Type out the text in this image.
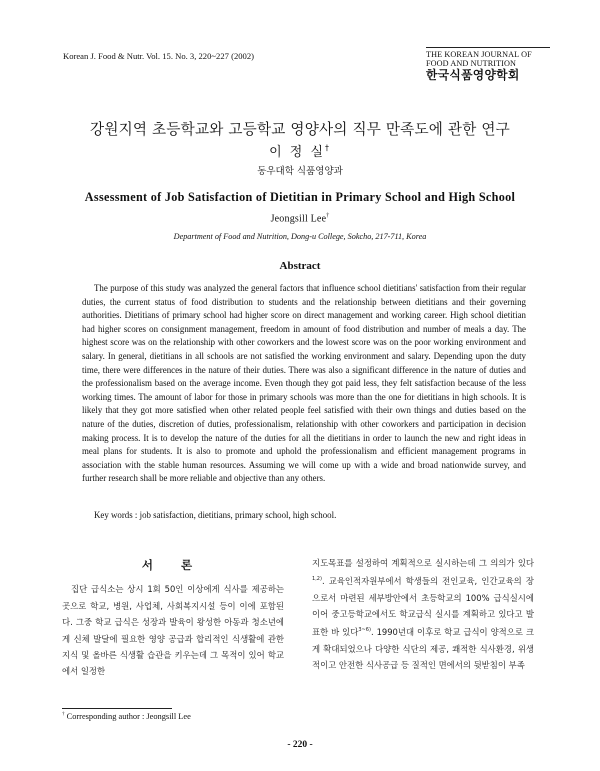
Korean J. Food & Nutr. Vol. 15. No. 3, 220~227 (2002)	THE KOREAN JOURNAL OF
FOOD AND NUTRITION
한국식품영양학회
강원지역 초등학교와 고등학교 영양사의 직무 만족도에 관한 연구
이 정 실†
동우대학 식품영양과
Assessment of Job Satisfaction of Dietitian in Primary School and High School
Jeongsill Lee†
Department of Food and Nutrition, Dong-u College, Sokcho, 217-711, Korea
Abstract

The purpose of this study was analyzed the general factors that influence school dietitians' satisfaction from their regular duties, the current status of food distribution to students and the relationship between dietitians and their governing authorities. Dietitians of primary school had higher score on direct management and working career. High school dietitian had higher scores on consignment management, freedom in amount of food distribution and number of meals a day. The highest score was on the relationship with other coworkers and the lowest score was on the poor working environment and salary. In general, dietitians in all schools are not satisfied the working environment and salary. Depending upon the duty time, there were differences in the nature of their duties. There was also a significant difference in the nature of duties and the professionalism based on the average income. Even though they got paid less, they felt satisfaction because of the less working times. The amount of labor for those in primary schools was more than the one for dietitians in high schools. It is likely that they got more satisfied when other related people feel satisfied with their own things and duties based on the nature of the duties, discretion of duties, professionalism, relationship with other coworkers and participation in decision making process. It is to develop the nature of the duties for all the dietitians in order to launch the new and right ideas in meal plans for students. It is also to promote and uphold the professionalism and efficient management programs in association with the stable human resources. Assuming we will come up with a wide and broad nationwide survey, and further research shall be more reliable and objective than any others.

Key words : job satisfaction, dietitians, primary school, high school.
서 론

집단 급식소는 상시 1회 50인 이상에게 식사를 제공하는 곳으로 학교, 병원, 사업체, 사회복지시설 등이 이에 포함된다. 그중 학교 급식은 성장과 발육이 왕성한 아동과 청소년에게 신체 발달에 필요한 영양 공급과 합리적인 식생활에 관한 지식 및 올바른 식생활 습관을 키우는데 그 목적이 있어 학교에서 일정한

지도목표를 설정하여 계획적으로 실시하는데 그 의의가 있다$^{1,2)}$. 교육인적자원부에서 학생들의 전인교육, 인간교육의 장으로서 마련된 세부방안에서 초등학교의 100% 급식실시에 이어 중고등학교에서도 학교급식 실시를 계획하고 있다고 발표한 바 있다$^{3\sim 6)}$. 1990년대 이후로 학교 급식이 양적으로 크게 확대되었으나 다양한 식단의 제공, 쾌적한 식사환경, 위생적이고 안전한 식사공급 등 질적인 면에서의 뒷받침이 부족

† Corresponding author : Jeongsill Lee
- 220 -
